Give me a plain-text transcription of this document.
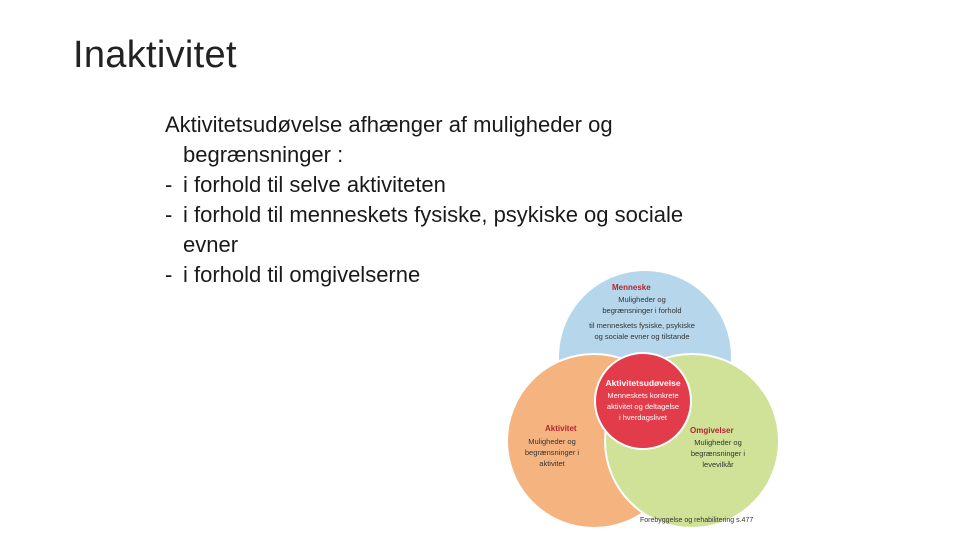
Inaktivitet
Aktivitetsudøvelse afhænger af muligheder og
begrænsninger :
- i forhold til selve aktiviteten
- i forhold til menneskets fysiske, psykiske og sociale
evner
- i forhold til omgivelserne
Menneske
Muligheder og
begrænsninger i forhold
til menneskets fysiske, psykiske
og sociale evner og tilstande
Aktivitetsudøvelse
Menneskets konkrete
aktivitet og deltagelse
i hverdagslivet
Aktivitet
Muligheder og
begrænsninger i
aktivitet
Omgivelser
Muligheder og
begrænsninger i
levevilkår
Forebyggelse og rehabilitering s.477
